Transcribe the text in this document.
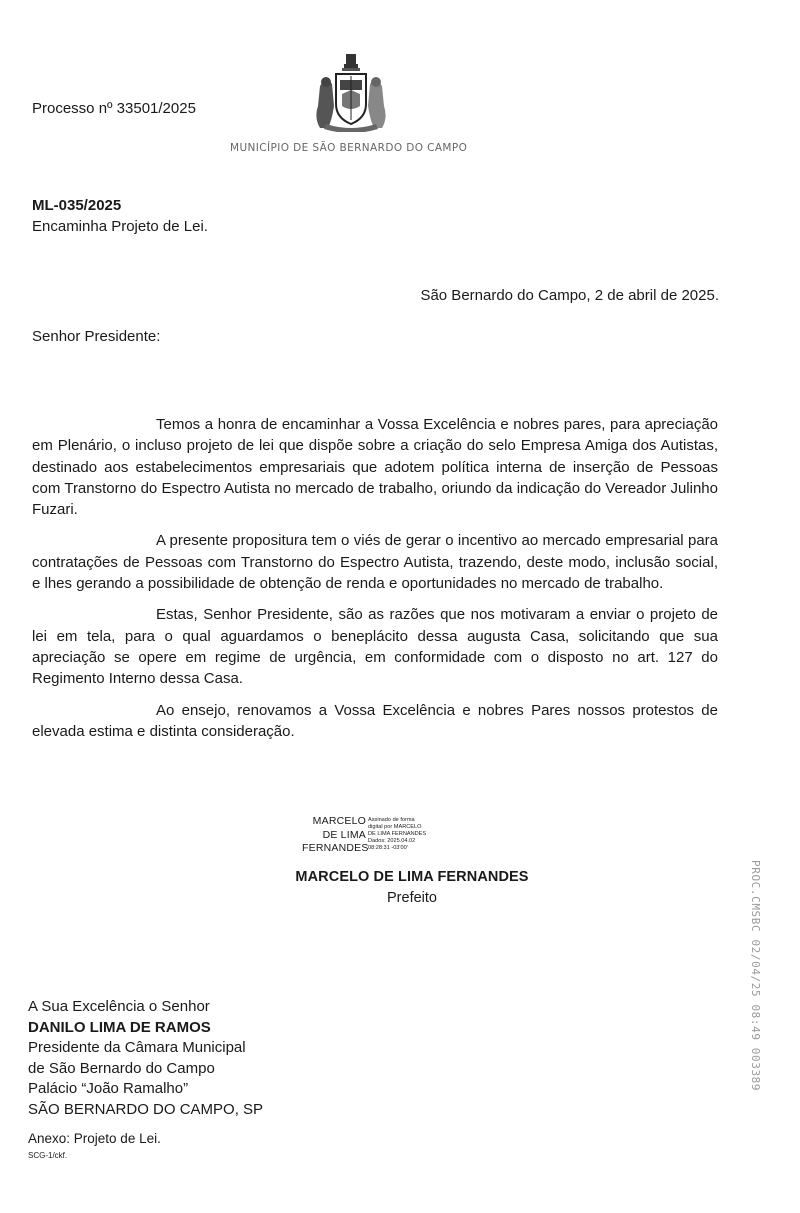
Processo nº 33501/2025
MUNICÍPIO DE SÃO BERNARDO DO CAMPO
ML-035/2025
Encaminha Projeto de Lei.
São Bernardo do Campo, 2 de abril de 2025.
Senhor Presidente:

Temos a honra de encaminhar a Vossa Excelência e nobres pares, para apreciação em Plenário, o incluso projeto de lei que dispõe sobre a criação do selo Empresa Amiga dos Autistas, destinado aos estabelecimentos empresariais que adotem política interna de inserção de Pessoas com Transtorno do Espectro Autista no mercado de trabalho, oriundo da indicação do Vereador Julinho Fuzari.

A presente propositura tem o viés de gerar o incentivo ao mercado empresarial para contratações de Pessoas com Transtorno do Espectro Autista, trazendo, deste modo, inclusão social, e lhes gerando a possibilidade de obtenção de renda e oportunidades no mercado de trabalho.

Estas, Senhor Presidente, são as razões que nos motivaram a enviar o projeto de lei em tela, para o qual aguardamos o beneplácito dessa augusta Casa, solicitando que sua apreciação se opere em regime de urgência, em conformidade com o disposto no art. 127 do Regimento Interno dessa Casa.

Ao ensejo, renovamos a Vossa Excelência e nobres Pares nossos protestos de elevada estima e distinta consideração.

MARCELO
DE LIMA
FERNANDES
Assinado de forma
digital por MARCELO
DE LIMA FERNANDES
Dados: 2025.04.02
08:28:31 -03'00'
MARCELO DE LIMA FERNANDES
Prefeito
A Sua Excelência o Senhor
DANILO LIMA DE RAMOS
Presidente da Câmara Municipal
de São Bernardo do Campo
Palácio “João Ramalho”
SÃO BERNARDO DO CAMPO, SP
Anexo: Projeto de Lei.
SCG-1/ckf.
PROC.CMSBC 02/04/25 08:49 003389
